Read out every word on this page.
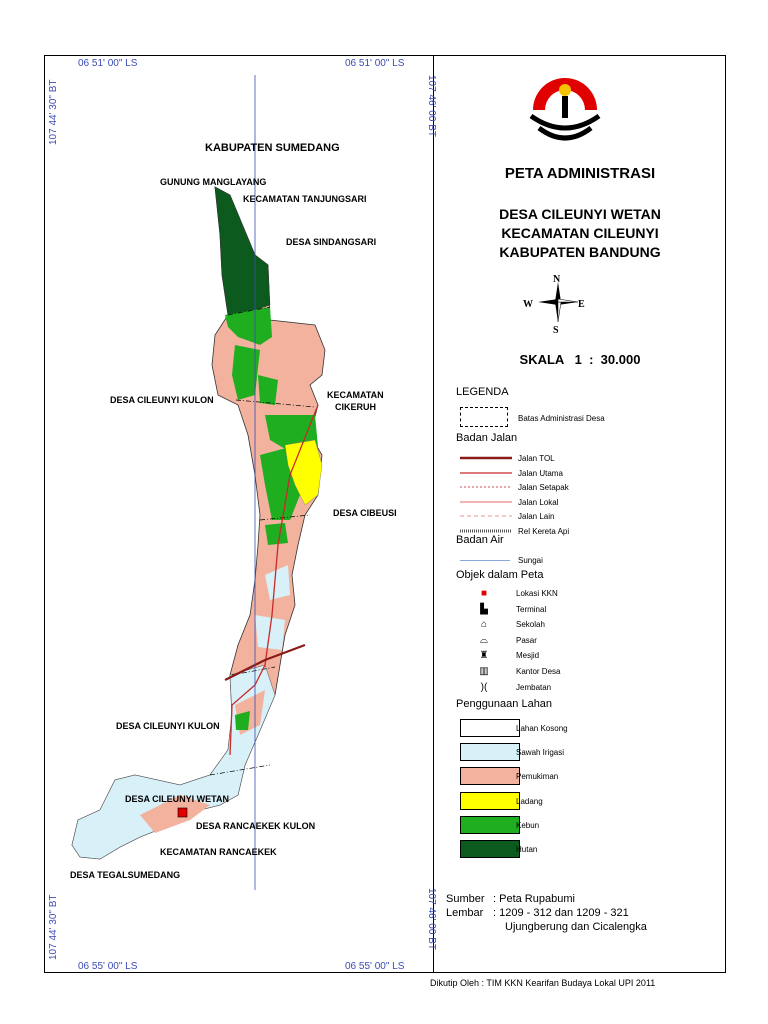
06 51' 00" LS	06 51' 00" LS
06 55' 00" LS	06 55' 00" LS
107 44' 30" BT
107 44' 30" BT
107 46' 00 BT
107 46' 00 BT
KABUPATEN SUMEDANG
GUNUNG MANGLAYANG
KECAMATAN TANJUNGSARI
DESA SINDANGSARI
DESA CILEUNYI KULON	KECAMATAN
CIKERUH
DESA CIBEUSI
DESA CILEUNYI KULON
DESA CILEUNYI WETAN
DESA RANCAEKEK KULON
KECAMATAN RANCAEKEK
DESA TEGALSUMEDANG
PETA ADMINISTRASI
DESA CILEUNYI WETAN
KECAMATAN CILEUNYI
KABUPATEN BANDUNG
N
S
E
W
SKALA   1  :  30.000
LEGENDA
Batas Administrasi Desa
Badan Jalan
Jalan TOL
Jalan Utama
Jalan Setapak
Jalan Lokal
Jalan Lain
Rel Kereta Api
Badan Air
Sungai
Objek dalam Peta
■	Lokasi KKN
▙	Terminal
⌂	Sekolah
⌓	Pasar
♜	Mesjid
▥	Kantor Desa
)(	Jembatan
Penggunaan Lahan
Lahan Kosong
Sawah Irigasi
Pemukiman
Ladang
Kebun
Hutan
Sumber : Peta Rupabumi
Lembar : 1209 - 312 dan 1209 - 321
Ujungberung dan Cicalengka
Dikutip Oleh : TIM KKN Kearifan Budaya Lokal UPI 2011
